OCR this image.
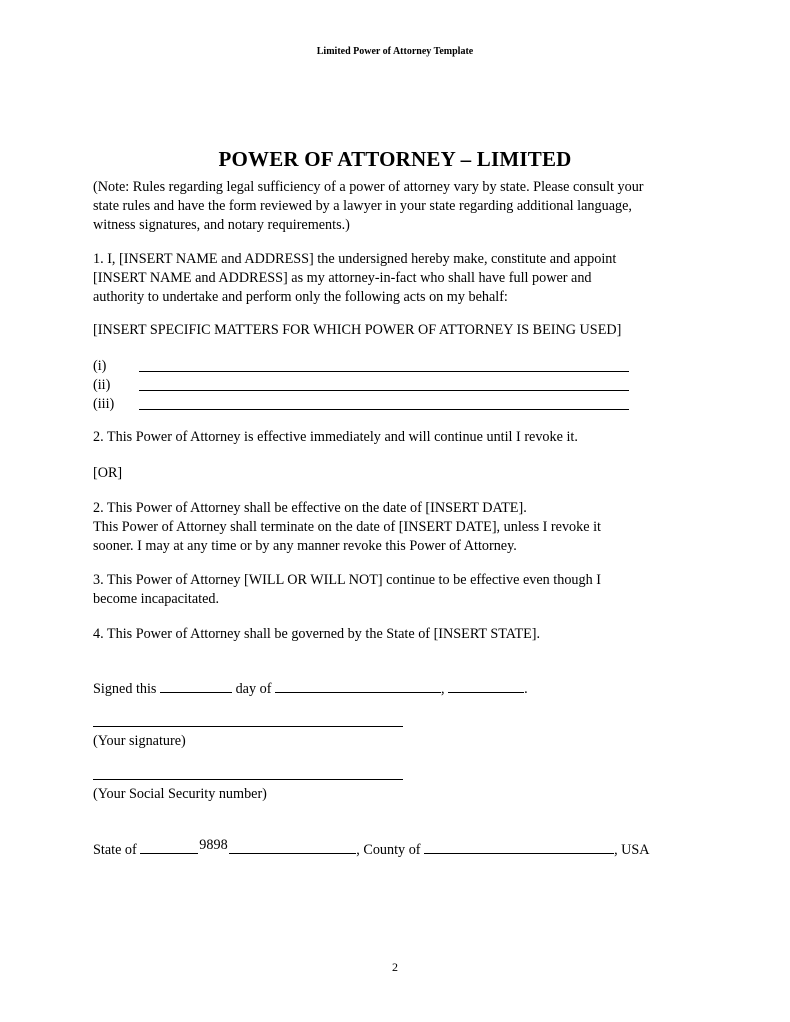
Limited Power of Attorney Template
POWER OF ATTORNEY – LIMITED
(Note: Rules regarding legal sufficiency of a power of attorney vary by state. Please consult your
state rules and have the form reviewed by a lawyer in your state regarding additional language,
witness signatures, and notary requirements.)
1. I, [INSERT NAME and ADDRESS] the undersigned hereby make, constitute and appoint
[INSERT NAME and ADDRESS] as my attorney-in-fact who shall have full power and
authority to undertake and perform only the following acts on my behalf:
[INSERT SPECIFIC MATTERS FOR WHICH POWER OF ATTORNEY IS BEING USED]
(i)
(ii)
(iii)
2. This Power of Attorney is effective immediately and will continue until I revoke it.
[OR]
2. This Power of Attorney shall be effective on the date of [INSERT DATE].
This Power of Attorney shall terminate on the date of [INSERT DATE], unless I revoke it
sooner. I may at any time or by any manner revoke this Power of Attorney.
3. This Power of Attorney [WILL OR WILL NOT] continue to be effective even though I
become incapacitated.
4. This Power of Attorney shall be governed by the State of [INSERT STATE].
Signed this	day of	,	.
(Your signature)
(Your Social Security number)
State of	9898	, County of	, USA
2
